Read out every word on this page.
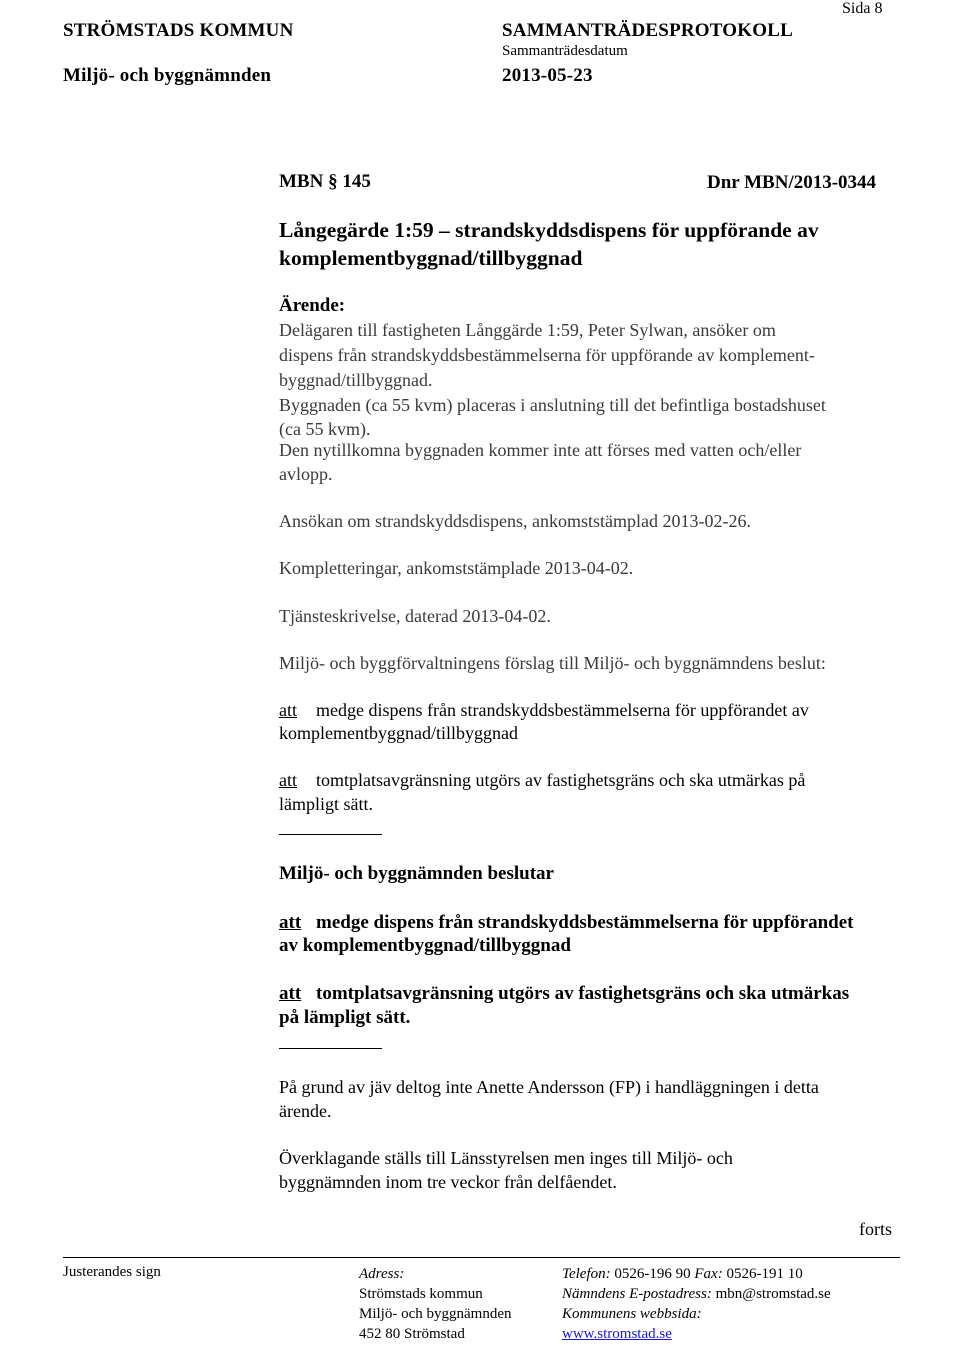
STRÖMSTADS KOMMUN
Miljö- och byggnämnden
SAMMANTRÄDESPROTOKOLL
Sammanträdesdatum
2013-05-23
Sida 8
MBN § 145	Dnr MBN/2013-0344
Långegärde 1:59 – strandskyddsdispens för uppförande av
komplementbyggnad/tillbyggnad
Ärende:
Delägaren till fastigheten Långgärde 1:59, Peter Sylwan, ansöker om
dispens från strandskyddsbestämmelserna för uppförande av komplement-
byggnad/tillbyggnad.
Byggnaden (ca 55 kvm) placeras i anslutning till det befintliga bostadshuset
(ca 55 kvm).
Den nytillkomna byggnaden kommer inte att förses med vatten och/eller
avlopp.
Ansökan om strandskyddsdispens, ankomststämplad 2013-02-26.
Kompletteringar, ankomststämplade 2013-04-02.
Tjänsteskrivelse, daterad 2013-04-02.
Miljö- och byggförvaltningens förslag till Miljö- och byggnämndens beslut:
att medge dispens från strandskyddsbestämmelserna för uppförandet av
komplementbyggnad/tillbyggnad
att tomtplatsavgränsning utgörs av fastighetsgräns och ska utmärkas på
lämpligt sätt.
Miljö- och byggnämnden beslutar
att medge dispens från strandskyddsbestämmelserna för uppförandet
av komplementbyggnad/tillbyggnad
att tomtplatsavgränsning utgörs av fastighetsgräns och ska utmärkas
på lämpligt sätt.
På grund av jäv deltog inte Anette Andersson (FP) i handläggningen i detta
ärende.
Överklagande ställs till Länsstyrelsen men inges till Miljö- och
byggnämnden inom tre veckor från delfåendet.
forts
Justerandes sign	Adress:
Strömstads kommun
Miljö- och byggnämnden
452 80 Strömstad
Telefon: 0526-196 90 Fax: 0526-191 10
Nämndens E-postadress: mbn@stromstad.se
Kommunens webbsida:
www.stromstad.se
